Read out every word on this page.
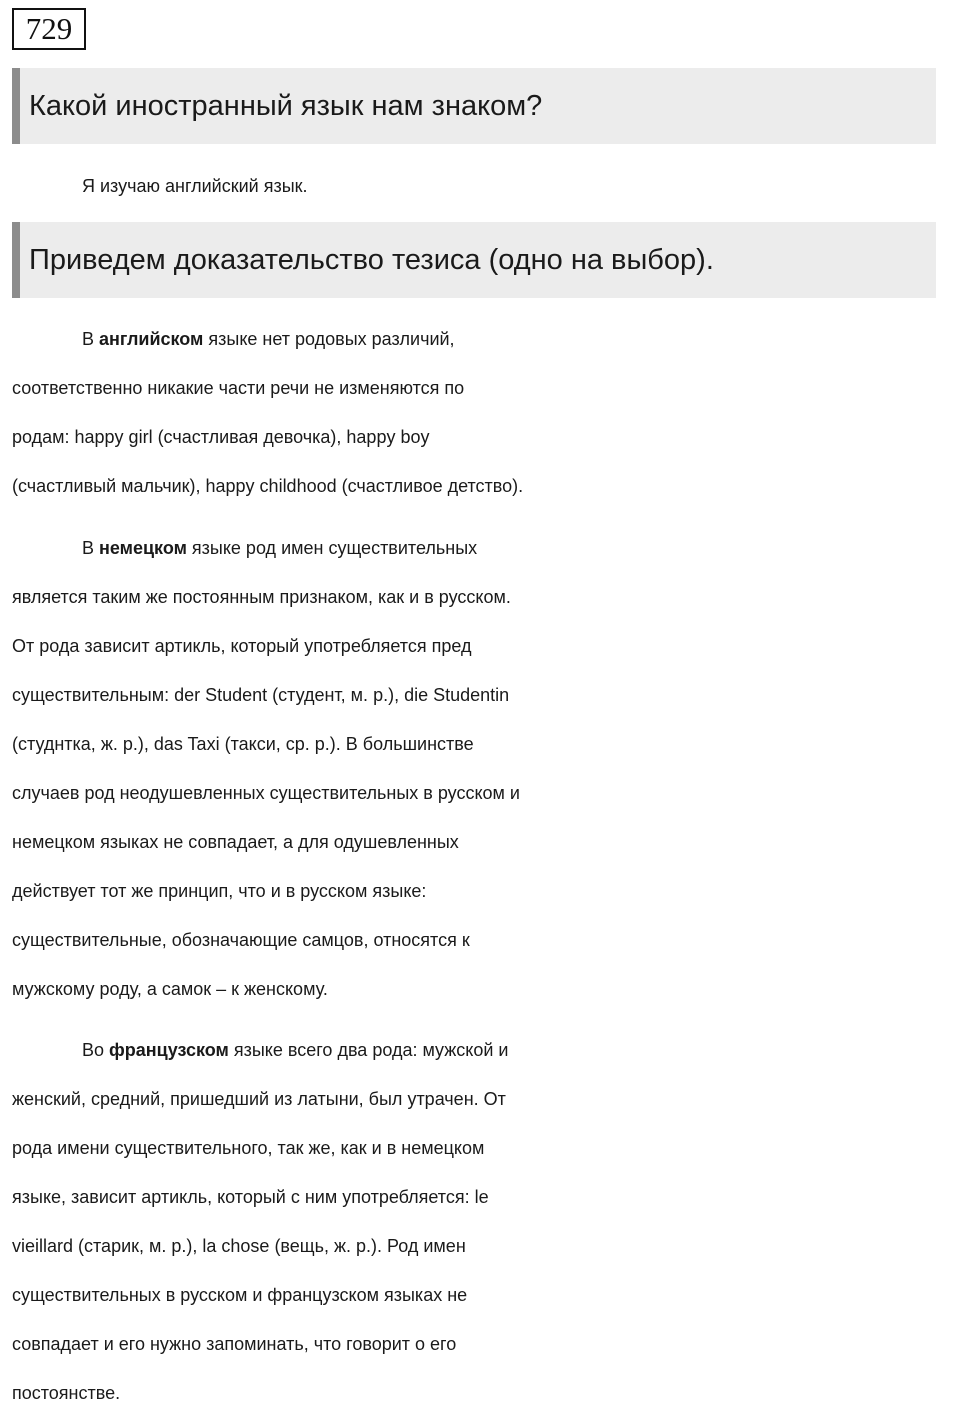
729
Какой иностранный язык нам знаком?

Я изучаю английский язык.

Приведем доказательство тезиса (одно на выбор).

В английском языке нет родовых различий,
соответственно никакие части речи не изменяются по
родам: happy girl (счастливая девочка), happy boy
(счастливый мальчик), happy childhood (счастливое детство).

В немецком языке род имен существительных
является таким же постоянным признаком, как и в русском.
От рода зависит артикль, который употребляется пред
существительным: der Student (студент, м. р.), die Studentin
(студнтка, ж. р.), das Taxi (такси, ср. р.). В большинстве
случаев род неодушевленных существительных в русском и
немецком языках не совпадает, а для одушевленных
действует тот же принцип, что и в русском языке:
существительные, обозначающие самцов, относятся к
мужскому роду, а самок – к женскому.

Во французском языке всего два рода: мужской и
женский, средний, пришедший из латыни, был утрачен. От
рода имени существительного, так же, как и в немецком
языке, зависит артикль, который с ним употребляется: le
vieillard (старик, м. р.), la chose (вещь, ж. р.). Род имен
существительных в русском и французском языках не
совпадает и его нужно запоминать, что говорит о его
постоянстве.
